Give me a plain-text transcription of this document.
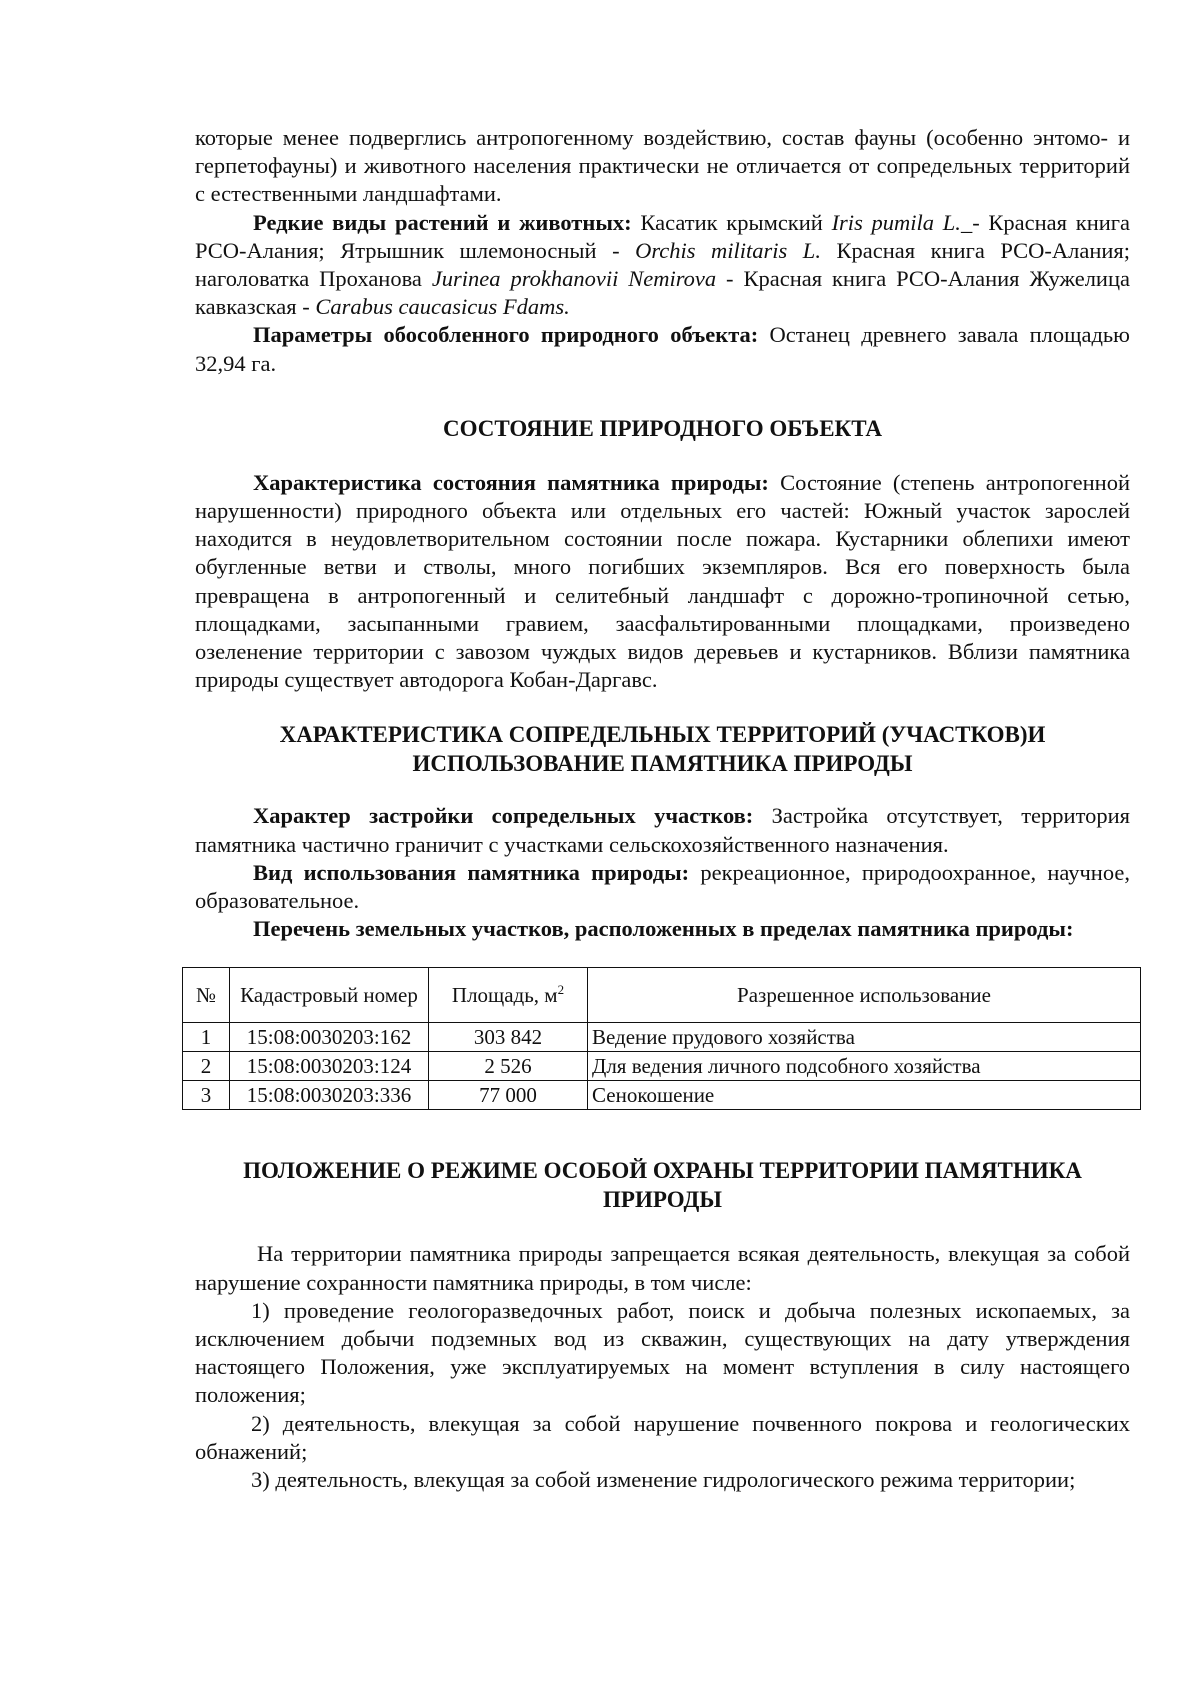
которые менее подверглись антропогенному воздействию, состав фауны (особенно энтомо- и герпетофауны) и животного населения практически не отличается от сопредельных территорий с естественными ландшафтами.

Редкие виды растений и животных: Касатик крымский Iris pumila L._- Красная книга РСО-Алания; Ятрышник шлемоносный - Orchis militaris L. Красная книга РСО-Алания; наголоватка Проханова Jurinea prokhanovii Nemirova - Красная книга РСО-Алания Жужелица кавказская - Carabus caucasicus Fdams.

Параметры обособленного природного объекта: Останец древнего завала площадью 32,94 га.

СОСТОЯНИЕ ПРИРОДНОГО ОБЪЕКТА

Характеристика состояния памятника природы: Состояние (степень антропогенной нарушенности) природного объекта или отдельных его частей: Южный участок зарослей находится в неудовлетворительном состоянии после пожара. Кустарники облепихи имеют обугленные ветви и стволы, много погибших экземпляров. Вся его поверхность была превращена в антропогенный и селитебный ландшафт с дорожно-тропиночной сетью, площадками, засыпанными гравием, заасфальтированными площадками, произведено озеленение территории с завозом чуждых видов деревьев и кустарников. Вблизи памятника природы существует автодорога Кобан-Даргавс.

ХАРАКТЕРИСТИКА СОПРЕДЕЛЬНЫХ ТЕРРИТОРИЙ (УЧАСТКОВ)И
ИСПОЛЬЗОВАНИЕ ПАМЯТНИКА ПРИРОДЫ

Характер застройки сопредельных участков: Застройка отсутствует, территория памятника частично граничит с участками сельскохозяйственного назначения.

Вид использования памятника природы: рекреационное, природоохранное, научное, образовательное.

Перечень земельных участков, расположенных в пределах памятника природы:

№	Кадастровый номер	Площадь, $м^2$	Разрешенное использование
1	15:08:0030203:162	303 842	Ведение прудового хозяйства
2	15:08:0030203:124	2 526	Для ведения личного подсобного хозяйства
3	15:08:0030203:336	77 000	Сенокошение
ПОЛОЖЕНИЕ О РЕЖИМЕ ОСОБОЙ ОХРАНЫ ТЕРРИТОРИИ ПАМЯТНИКА
ПРИРОДЫ

На территории памятника природы запрещается всякая деятельность, влекущая за собой нарушение сохранности памятника природы, в том числе:

1) проведение геологоразведочных работ, поиск и добыча полезных ископаемых, за исключением добычи подземных вод из скважин, существующих на дату утверждения настоящего Положения, уже эксплуатируемых на момент вступления в силу настоящего положения;

2) деятельность, влекущая за собой нарушение почвенного покрова и геологических обнажений;

3) деятельность, влекущая за собой изменение гидрологического режима территории;
